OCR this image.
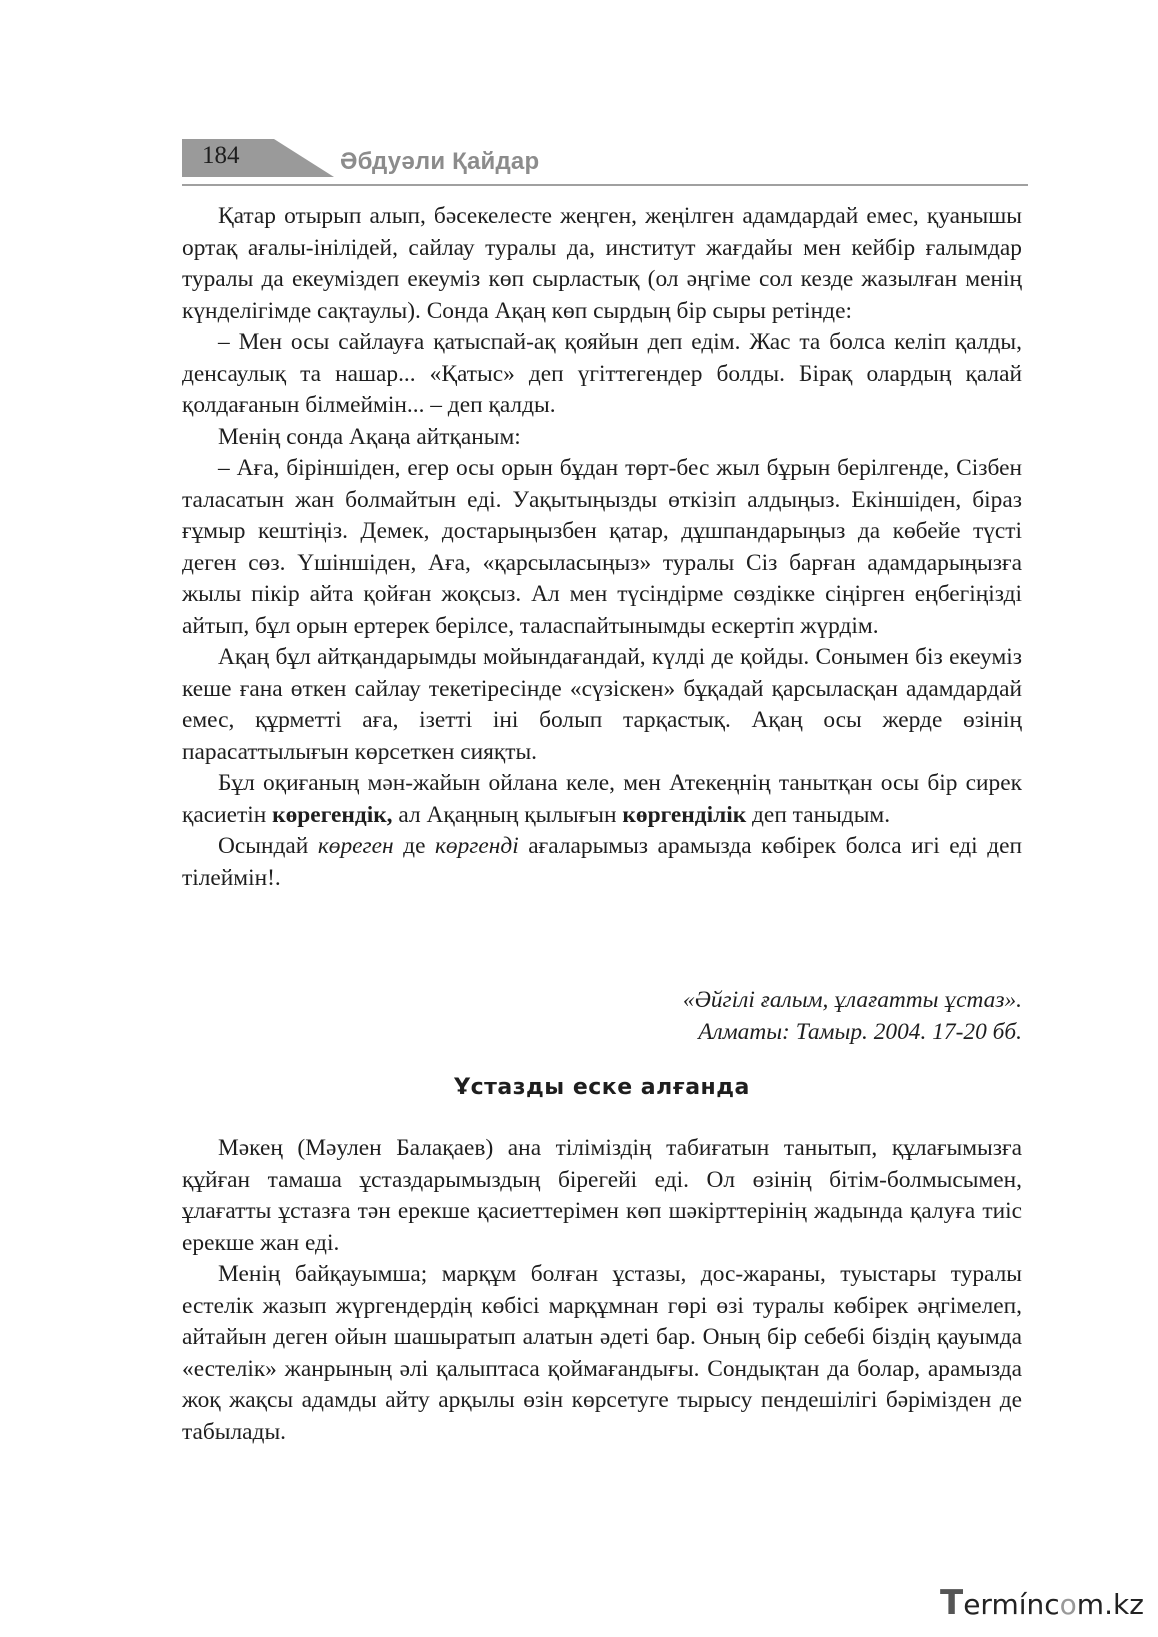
184	Әбдуәли Қайдар

Қатар отырып алып, бәсекелесте жеңген, жеңілген адамдардай емес, қуанышы ортақ ағалы-інілідей, сайлау туралы да, институт жағдайы мен кейбір ғалымдар туралы да екеуміздеп екеуміз көп сырластық (ол әңгіме сол кезде жазылған менің күнделігімде сақтаулы). Сонда Ақаң көп сырдың бір сыры ретінде:

– Мен осы сайлауға қатыспай-ақ қояйын деп едім. Жас та болса келіп қалды, денсаулық та нашар... «Қатыс» деп үгіттегендер болды. Бірақ олардың қалай қолдағанын білмеймін... – деп қалды.

Менің сонда Ақаңа айтқаным:

– Аға, біріншіден, егер осы орын бұдан төрт-бес жыл бұрын берілгенде, Сізбен таласатын жан болмайтын еді. Уақытыңызды өткізіп алдыңыз. Екіншіден, біраз ғұмыр кештіңіз. Демек, достарыңызбен қатар, дұшпандарыңыз да көбейе түсті деген сөз. Үшіншіден, Аға, «қарсыласыңыз» туралы Сіз барған адамдарыңызға жылы пікір айта қойған жоқсыз. Ал мен түсіндірме сөздікке сіңірген еңбегіңізді айтып, бұл орын ертерек берілсе, таласпайтынымды ескертіп жүрдім.

Ақаң бұл айтқандарымды мойындағандай, күлді де қойды. Сонымен біз екеуміз кеше ғана өткен сайлау текетіресінде «сүзіскен» бұқадай қарсыласқан адамдардай емес, құрметті аға, ізетті іні болып тарқастық. Ақаң осы жерде өзінің парасаттылығын көрсеткен сияқты.

Бұл оқиғаның мән-жайын ойлана келе, мен Атекеңнің танытқан осы бір сирек қасиетін көрегендік, ал Ақаңның қылығын көргенділік деп таныдым.

Осындай көреген де көргенді ағаларымыз арамызда көбірек болса игі еді деп тілеймін!.

«Әйгілі ғалым, ұлағатты ұстаз».
Алматы: Тамыр. 2004. 17-20 бб.
Ұстазды еске алғанда

Мәкең (Мәулен Балақаев) ана тіліміздің табиғатын танытып, құлағымызға құйған тамаша ұстаздарымыздың бірегейі еді. Ол өзінің бітім-болмысымен, ұлағатты ұстазға тән ерекше қасиеттерімен көп шәкірттерінің жадында қалуға тиіс ерекше жан еді.

Менің байқауымша; марқұм болған ұстазы, дос-жараны, туыстары туралы естелік жазып жүргендердің көбісі марқұмнан гөрі өзі туралы көбірек әңгімелеп, айтайын деген ойын шашыратып алатын әдеті бар. Оның бір себебі біздің қауымда «естелік» жанрының әлі қалыптаса қоймағандығы. Сондықтан да болар, арамызда жоқ жақсы адамды айту арқылы өзін көрсетуге тырысу пендешілігі бәрімізден де табылады.

Termíncom.kz
